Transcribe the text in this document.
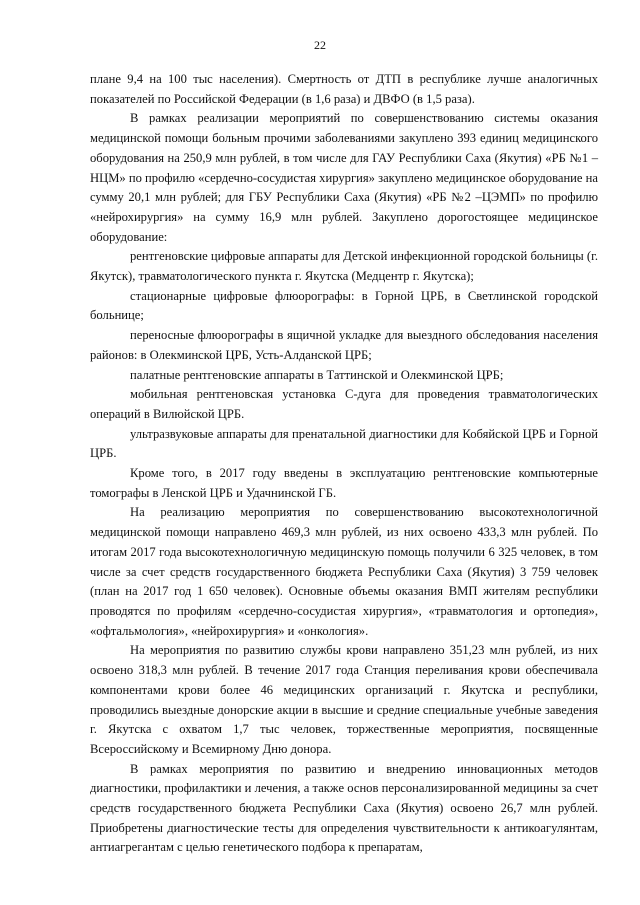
22

плане 9,4 на 100 тыс населения). Смертность от ДТП в республике лучше аналогичных показателей по Российской Федерации (в 1,6 раза) и ДВФО (в 1,5 раза).

В рамках реализации мероприятий по совершенствованию системы оказания медицинской помощи больным прочими заболеваниями закуплено 393 единиц медицинского оборудования на 250,9 млн рублей, в том числе для ГАУ Республики Саха (Якутия) «РБ №1 – НЦМ» по профилю «сердечно-сосудистая хирургия» закуплено медицинское оборудование на сумму 20,1 млн рублей; для ГБУ Республики Саха (Якутия) «РБ №2 –ЦЭМП» по профилю «нейрохирургия» на сумму 16,9 млн рублей. Закуплено дорогостоящее медицинское оборудование:

рентгеновские цифровые аппараты для Детской инфекционной городской больницы (г. Якутск), травматологического пункта г. Якутска (Медцентр г. Якутска);

стационарные цифровые флюорографы: в Горной ЦРБ, в Светлинской городской больнице;

переносные флюорографы в ящичной укладке для выездного обследования населения районов: в Олекминской ЦРБ, Усть-Алданской ЦРБ;

палатные рентгеновские аппараты в Таттинской и Олекминской ЦРБ;

мобильная рентгеновская установка С-дуга для проведения травматологических операций в Вилюйской ЦРБ.

ультразвуковые аппараты для пренатальной диагностики для Кобяйской ЦРБ и Горной ЦРБ.

Кроме того, в 2017 году введены в эксплуатацию рентгеновские компьютерные томографы в Ленской ЦРБ и Удачнинской ГБ.

На реализацию мероприятия по совершенствованию высокотехнологичной медицинской помощи направлено 469,3 млн рублей, из них освоено 433,3 млн рублей. По итогам 2017 года высокотехнологичную медицинскую помощь получили 6 325 человек, в том числе за счет средств государственного бюджета Республики Саха (Якутия) 3 759 человек (план на 2017 год 1 650 человек). Основные объемы оказания ВМП жителям республики проводятся по профилям «сердечно-сосудистая хирургия», «травматология и ортопедия», «офтальмология», «нейрохирургия» и «онкология».

На мероприятия по развитию службы крови направлено 351,23 млн рублей, из них освоено 318,3 млн рублей. В течение 2017 года Станция переливания крови обеспечивала компонентами крови более 46 медицинских организаций г. Якутска и республики, проводились выездные донорские акции в высшие и средние специальные учебные заведения г. Якутска с охватом 1,7 тыс человек, торжественные мероприятия, посвященные Всероссийскому и Всемирному Дню донора.

В рамках мероприятия по развитию и внедрению инновационных методов диагностики, профилактики и лечения, а также основ персонализированной медицины за счет средств государственного бюджета Республики Саха (Якутия) освоено 26,7 млн рублей. Приобретены диагностические тесты для определения чувствительности к антикоагулянтам, антиагрегантам с целью генетического подбора к препаратам,
